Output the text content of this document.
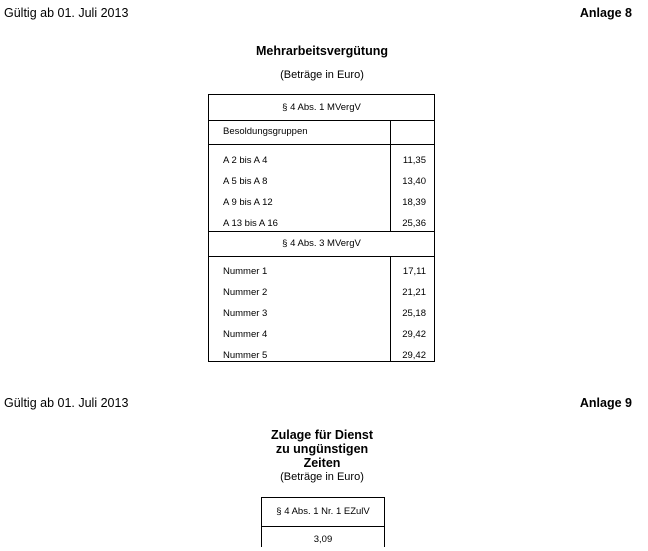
Gültig ab 01. Juli 2013	Anlage 8
Mehrarbeitsvergütung
(Beträge in Euro)
§ 4 Abs. 1 MVergV
Besoldungsgruppen
A 2 bis A 4	11,35
A 5 bis A 8	13,40
A 9 bis A 12	18,39
A 13 bis A 16	25,36
§ 4 Abs. 3 MVergV
Nummer 1	17,11
Nummer 2	21,21
Nummer 3	25,18
Nummer 4	29,42
Nummer 5	29,42
Gültig ab 01. Juli 2013	Anlage 9
Zulage für Dienst
zu ungünstigen
Zeiten
(Beträge in Euro)
§ 4 Abs. 1 Nr. 1 EZulV
3,09
